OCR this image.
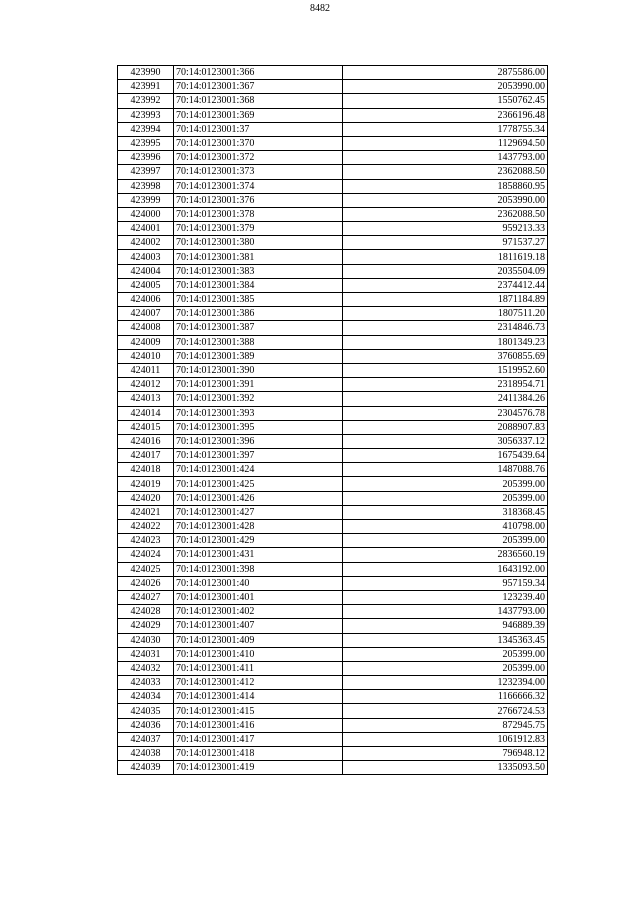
8482
423990	70:14:0123001:366	2875586.00
423991	70:14:0123001:367	2053990.00
423992	70:14:0123001:368	1550762.45
423993	70:14:0123001:369	2366196.48
423994	70:14:0123001:37	1778755.34
423995	70:14:0123001:370	1129694.50
423996	70:14:0123001:372	1437793.00
423997	70:14:0123001:373	2362088.50
423998	70:14:0123001:374	1858860.95
423999	70:14:0123001:376	2053990.00
424000	70:14:0123001:378	2362088.50
424001	70:14:0123001:379	959213.33
424002	70:14:0123001:380	971537.27
424003	70:14:0123001:381	1811619.18
424004	70:14:0123001:383	2035504.09
424005	70:14:0123001:384	2374412.44
424006	70:14:0123001:385	1871184.89
424007	70:14:0123001:386	1807511.20
424008	70:14:0123001:387	2314846.73
424009	70:14:0123001:388	1801349.23
424010	70:14:0123001:389	3760855.69
424011	70:14:0123001:390	1519952.60
424012	70:14:0123001:391	2318954.71
424013	70:14:0123001:392	2411384.26
424014	70:14:0123001:393	2304576.78
424015	70:14:0123001:395	2088907.83
424016	70:14:0123001:396	3056337.12
424017	70:14:0123001:397	1675439.64
424018	70:14:0123001:424	1487088.76
424019	70:14:0123001:425	205399.00
424020	70:14:0123001:426	205399.00
424021	70:14:0123001:427	318368.45
424022	70:14:0123001:428	410798.00
424023	70:14:0123001:429	205399.00
424024	70:14:0123001:431	2836560.19
424025	70:14:0123001:398	1643192.00
424026	70:14:0123001:40	957159.34
424027	70:14:0123001:401	123239.40
424028	70:14:0123001:402	1437793.00
424029	70:14:0123001:407	946889.39
424030	70:14:0123001:409	1345363.45
424031	70:14:0123001:410	205399.00
424032	70:14:0123001:411	205399.00
424033	70:14:0123001:412	1232394.00
424034	70:14:0123001:414	1166666.32
424035	70:14:0123001:415	2766724.53
424036	70:14:0123001:416	872945.75
424037	70:14:0123001:417	1061912.83
424038	70:14:0123001:418	796948.12
424039	70:14:0123001:419	1335093.50
